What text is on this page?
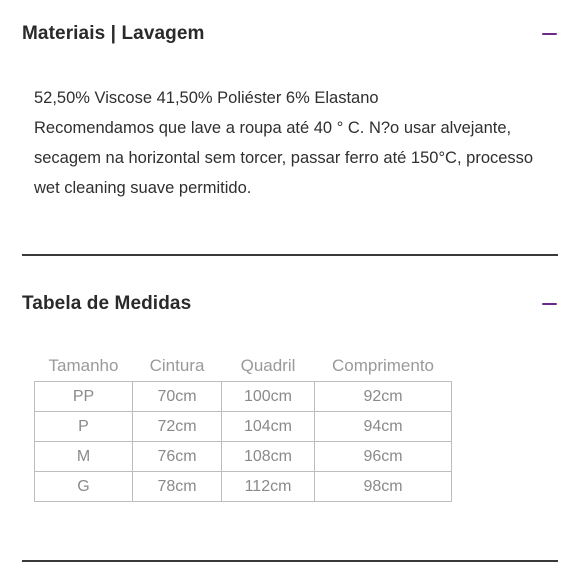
Materiais | Lavagem

52,50% Viscose 41,50% Poliéster 6% Elastano

Recomendamos que lave a roupa até 40 ° C. N?o usar alvejante, secagem na horizontal sem torcer, passar ferro até 150°C, processo wet cleaning suave permitido.

Tabela de Medidas
Tamanho	Cintura	Quadril	Comprimento
PP	70cm	100cm	92cm
P	72cm	104cm	94cm
M	76cm	108cm	96cm
G	78cm	112cm	98cm
